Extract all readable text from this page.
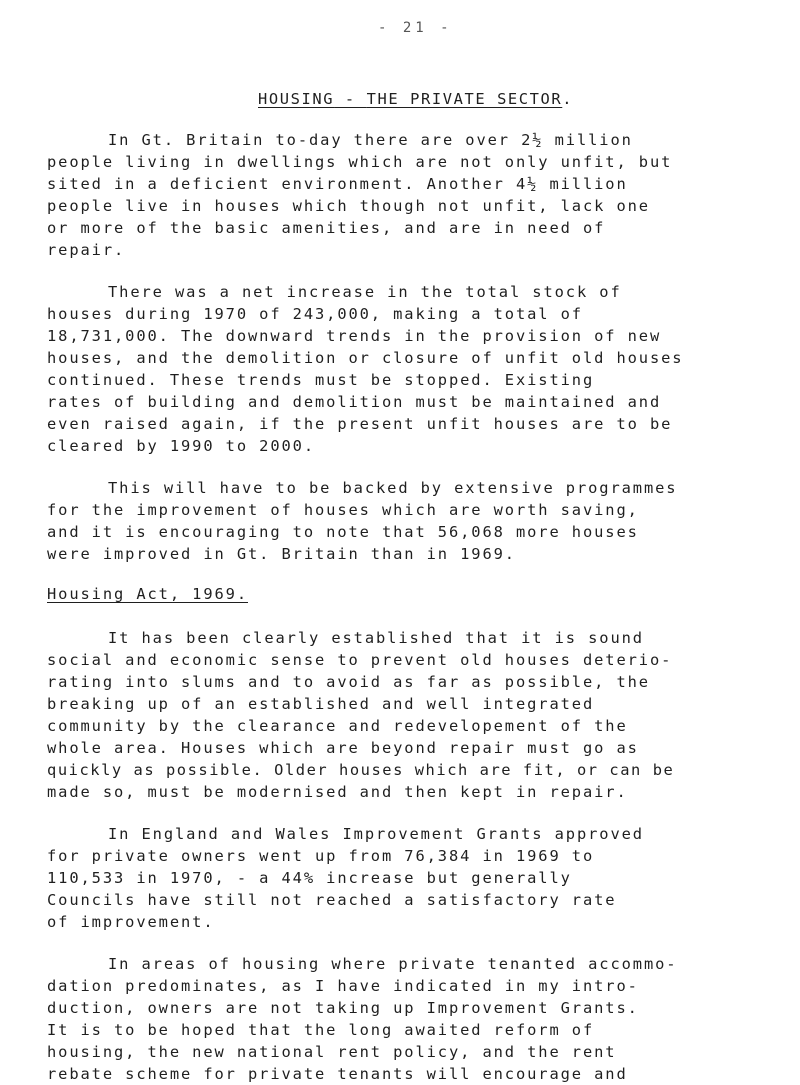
- 21 -
HOUSING - THE PRIVATE SECTOR.
In Gt. Britain to-day there are over 2½ million
people living in dwellings which are not only unfit, but
sited in a deficient environment. Another 4½ million
people live in houses which though not unfit, lack one
or more of the basic amenities, and are in need of
repair.
There was a net increase in the total stock of
houses during 1970 of 243,000, making a total of
18,731,000. The downward trends in the provision of new
houses, and the demolition or closure of unfit old houses
continued. These trends must be stopped. Existing
rates of building and demolition must be maintained and
even raised again, if the present unfit houses are to be
cleared by 1990 to 2000.
This will have to be backed by extensive programmes
for the improvement of houses which are worth saving,
and it is encouraging to note that 56,068 more houses
were improved in Gt. Britain than in 1969.
Housing Act, 1969.
It has been clearly established that it is sound
social and economic sense to prevent old houses deterio-
rating into slums and to avoid as far as possible, the
breaking up of an established and well integrated
community by the clearance and redevelopement of the
whole area. Houses which are beyond repair must go as
quickly as possible. Older houses which are fit, or can be
made so, must be modernised and then kept in repair.
In England and Wales Improvement Grants approved
for private owners went up from 76,384 in 1969 to
110,533 in 1970, - a 44% increase but generally
Councils have still not reached a satisfactory rate
of improvement.
In areas of housing where private tenanted accommo-
dation predominates, as I have indicated in my intro-
duction, owners are not taking up Improvement Grants.
It is to be hoped that the long awaited reform of
housing, the new national rent policy, and the rent
rebate scheme for private tenants will encourage and
